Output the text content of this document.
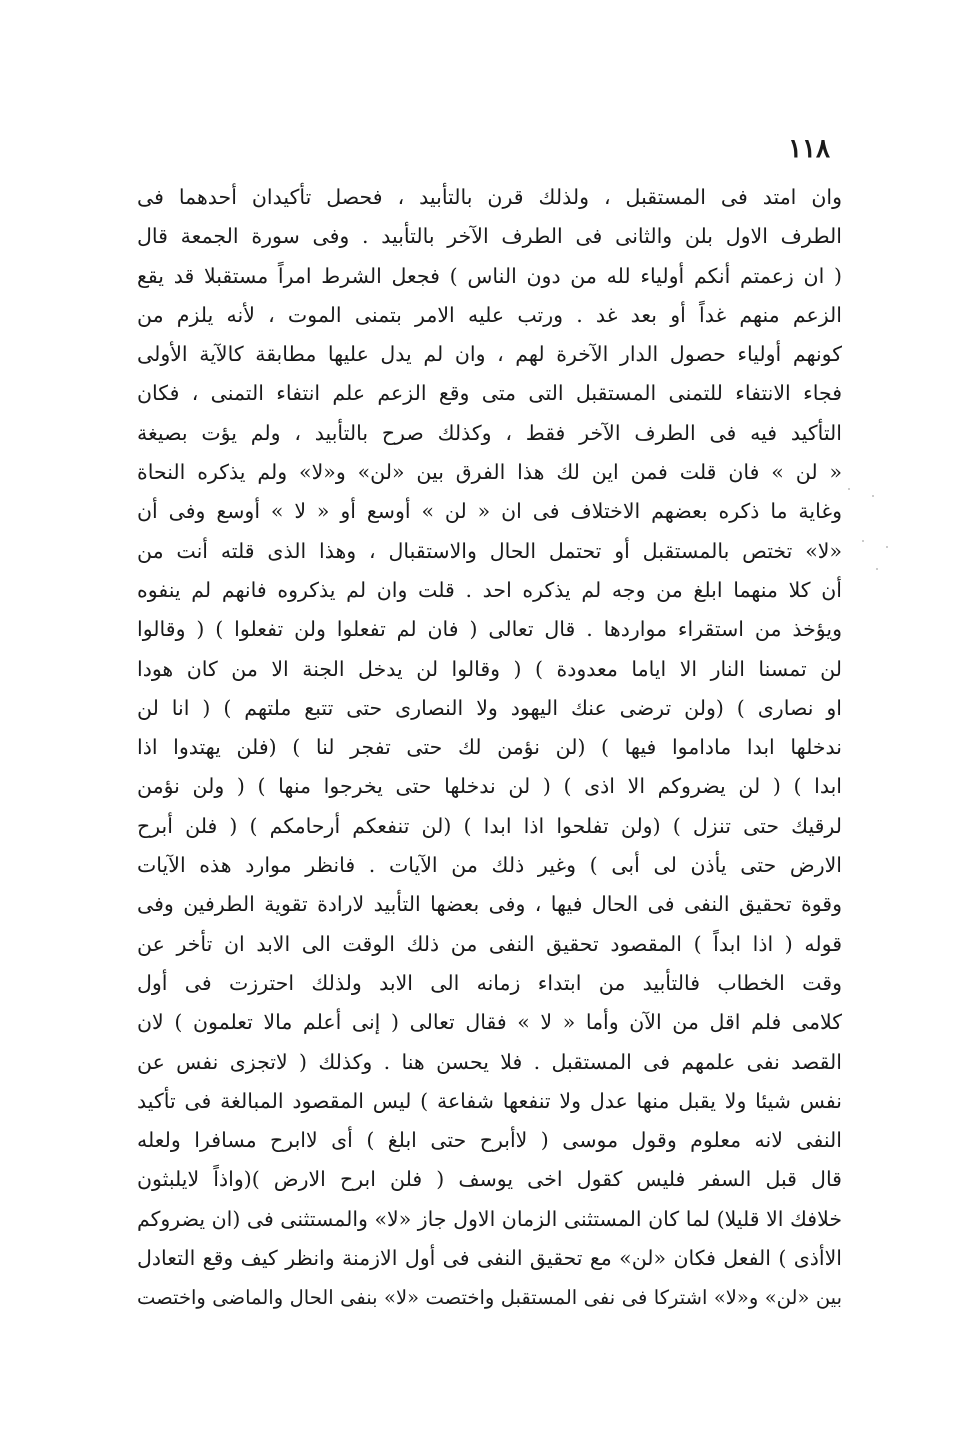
١١٨
وان امتد فى المستقبل ، ولذلك قرن بالتأبيد ، فحصل تأكيدان أحدهما فى
الطرف الاول بلن والثانى فى الطرف الآخر بالتأبيد . وفى سورة الجمعة قال
( ان زعمتم أنكم أولياء لله من دون الناس ) فجعل الشرط امراً مستقبلا قد يقع
الزعم منهم غداً أو بعد غد . ورتب عليه الامر بتمنى الموت ، لأنه يلزم من
كونهم أولياء حصول الدار الآخرة لهم ، وان لم يدل عليها مطابقة كالآية الأولى
فجاء الانتفاء للتمنى المستقبل التى متى وقع الزعم علم انتفاء التمنى ، فكان
التأكيد فيه فى الطرف الآخر فقط ، وكذلك صرح بالتأبيد ، ولم يؤت بصيغة
« لن » فان قلت فمن اين لك هذا الفرق بين «لن» و«لا» ولم يذكره النحاة
وغاية ما ذكره بعضهم الاختلاف فى ان « لن » أوسع أو « لا » أوسع وفى أن
«لا» تختص بالمستقبل أو تحتمل الحال والاستقبال ، وهذا الذى قلته أنت من
أن كلا منهما ابلغ من وجه لم يذكره احد . قلت وان لم يذكروه فانهم لم ينفوه
ويؤخذ من استقراء مواردها . قال تعالى ( فان لم تفعلوا ولن تفعلوا ) ( وقالوا
لن تمسنا النار الا اياما معدودة ) ( وقالوا لن يدخل الجنة الا من كان هودا
او نصارى ) (ولن ترضى عنك اليهود ولا النصارى حتى تتبع ملتهم ) ( انا لن
ندخلها ابدا ماداموا فيها ) (لن نؤمن لك حتى تفجر لنا ) (فلن يهتدوا اذا
ابدا ) ( لن يضروكم الا اذى ) ( لن ندخلها حتى يخرجوا منها ) ( ولن نؤمن
لرقيك حتى تنزل ) (ولن تفلحوا اذا ابدا ) (لن تنفعكم أرحامكم ) ( فلن أبرح
الارض حتى يأذن لى أبى ) وغير ذلك من الآيات . فانظر موارد هذه الآيات
وقوة تحقيق النفى فى الحال فيها ، وفى بعضها التأبيد لارادة تقوية الطرفين وفى
قوله ( اذا ابداً ) المقصود تحقيق النفى من ذلك الوقت الى الابد ان تأخر عن
وقت الخطاب فالتأبيد من ابتداء زمانه الى الابد ولذلك احترزت فى أول
كلامى فلم اقل من الآن وأما « لا » فقال تعالى ( إنى أعلم مالا تعلمون ) لان
القصد نفى علمهم فى المستقبل . فلا يحسن هنا . وكذلك ( لاتجزى نفس عن
نفس شيئا ولا يقبل منها عدل ولا تنفعها شفاعة ) ليس المقصود المبالغة فى تأكيد
النفى لانه معلوم وقول موسى ( لاأبرح حتى ابلغ ) أى لاابرح مسافرا ولعله
قال قبل السفر فليس كقول اخى يوسف ( فلن ابرح الارض )(واذاً لايلبثون
خلافك الا قليلا) لما كان المستثنى الزمان الاول جاز «لا» والمستثنى فى (ان يضروكم
الاأذى ) الفعل فكان «لن» مع تحقيق النفى فى أول الازمنة وانظر كيف وقع التعادل
بين «لن» و«لا» اشتركا فى نفى المستقبل واختصت «لا» بنفى الحال والماضى واختصت
